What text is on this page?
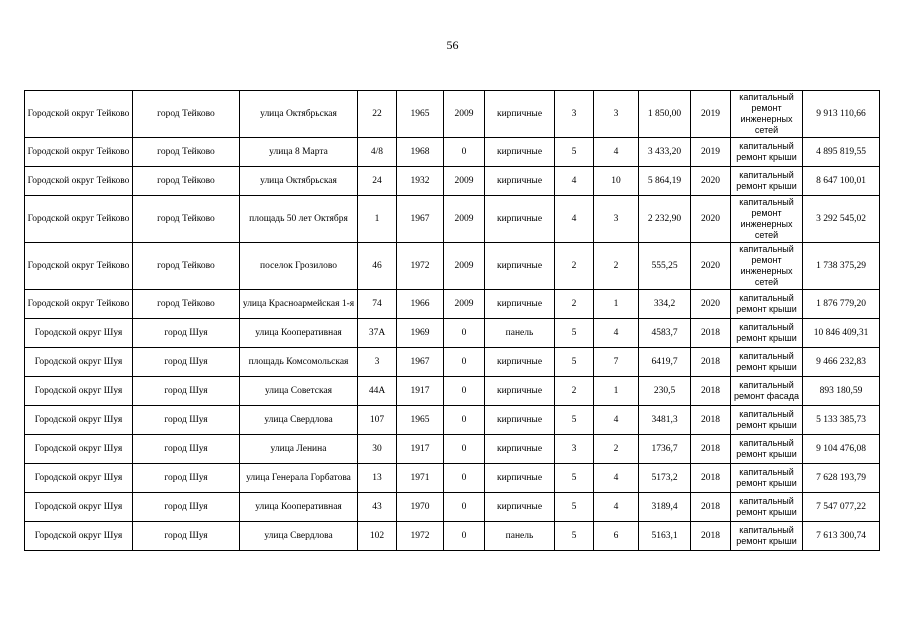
56
Городской округ Тейково	город Тейково	улица Октябрьская	22	1965	2009	кирпичные	3	3	1 850,00	2019	капитальный ремонт инженерных сетей	9 913 110,66
Городской округ Тейково	город Тейково	улица 8 Марта	4/8	1968	0	кирпичные	5	4	3 433,20	2019	капитальный ремонт крыши	4 895 819,55
Городской округ Тейково	город Тейково	улица Октябрьская	24	1932	2009	кирпичные	4	10	5 864,19	2020	капитальный ремонт крыши	8 647 100,01
Городской округ Тейково	город Тейково	площадь 50 лет Октября	1	1967	2009	кирпичные	4	3	2 232,90	2020	капитальный ремонт инженерных сетей	3 292 545,02
Городской округ Тейково	город Тейково	поселок Грозилово	46	1972	2009	кирпичные	2	2	555,25	2020	капитальный ремонт инженерных сетей	1 738 375,29
Городской округ Тейково	город Тейково	улица Красноармейская 1-я	74	1966	2009	кирпичные	2	1	334,2	2020	капитальный ремонт крыши	1 876 779,20
Городской округ Шуя	город Шуя	улица Кооперативная	37А	1969	0	панель	5	4	4583,7	2018	капитальный ремонт крыши	10 846 409,31
Городской округ Шуя	город Шуя	площадь Комсомольская	3	1967	0	кирпичные	5	7	6419,7	2018	капитальный ремонт крыши	9 466 232,83
Городской округ Шуя	город Шуя	улица Советская	44А	1917	0	кирпичные	2	1	230,5	2018	капитальный ремонт фасада	893 180,59
Городской округ Шуя	город Шуя	улица Свердлова	107	1965	0	кирпичные	5	4	3481,3	2018	капитальный ремонт крыши	5 133 385,73
Городской округ Шуя	город Шуя	улица Ленина	30	1917	0	кирпичные	3	2	1736,7	2018	капитальный ремонт крыши	9 104 476,08
Городской округ Шуя	город Шуя	улица Генерала Горбатова	13	1971	0	кирпичные	5	4	5173,2	2018	капитальный ремонт крыши	7 628 193,79
Городской округ Шуя	город Шуя	улица Кооперативная	43	1970	0	кирпичные	5	4	3189,4	2018	капитальный ремонт крыши	7 547 077,22
Городской округ Шуя	город Шуя	улица Свердлова	102	1972	0	панель	5	6	5163,1	2018	капитальный ремонт крыши	7 613 300,74
